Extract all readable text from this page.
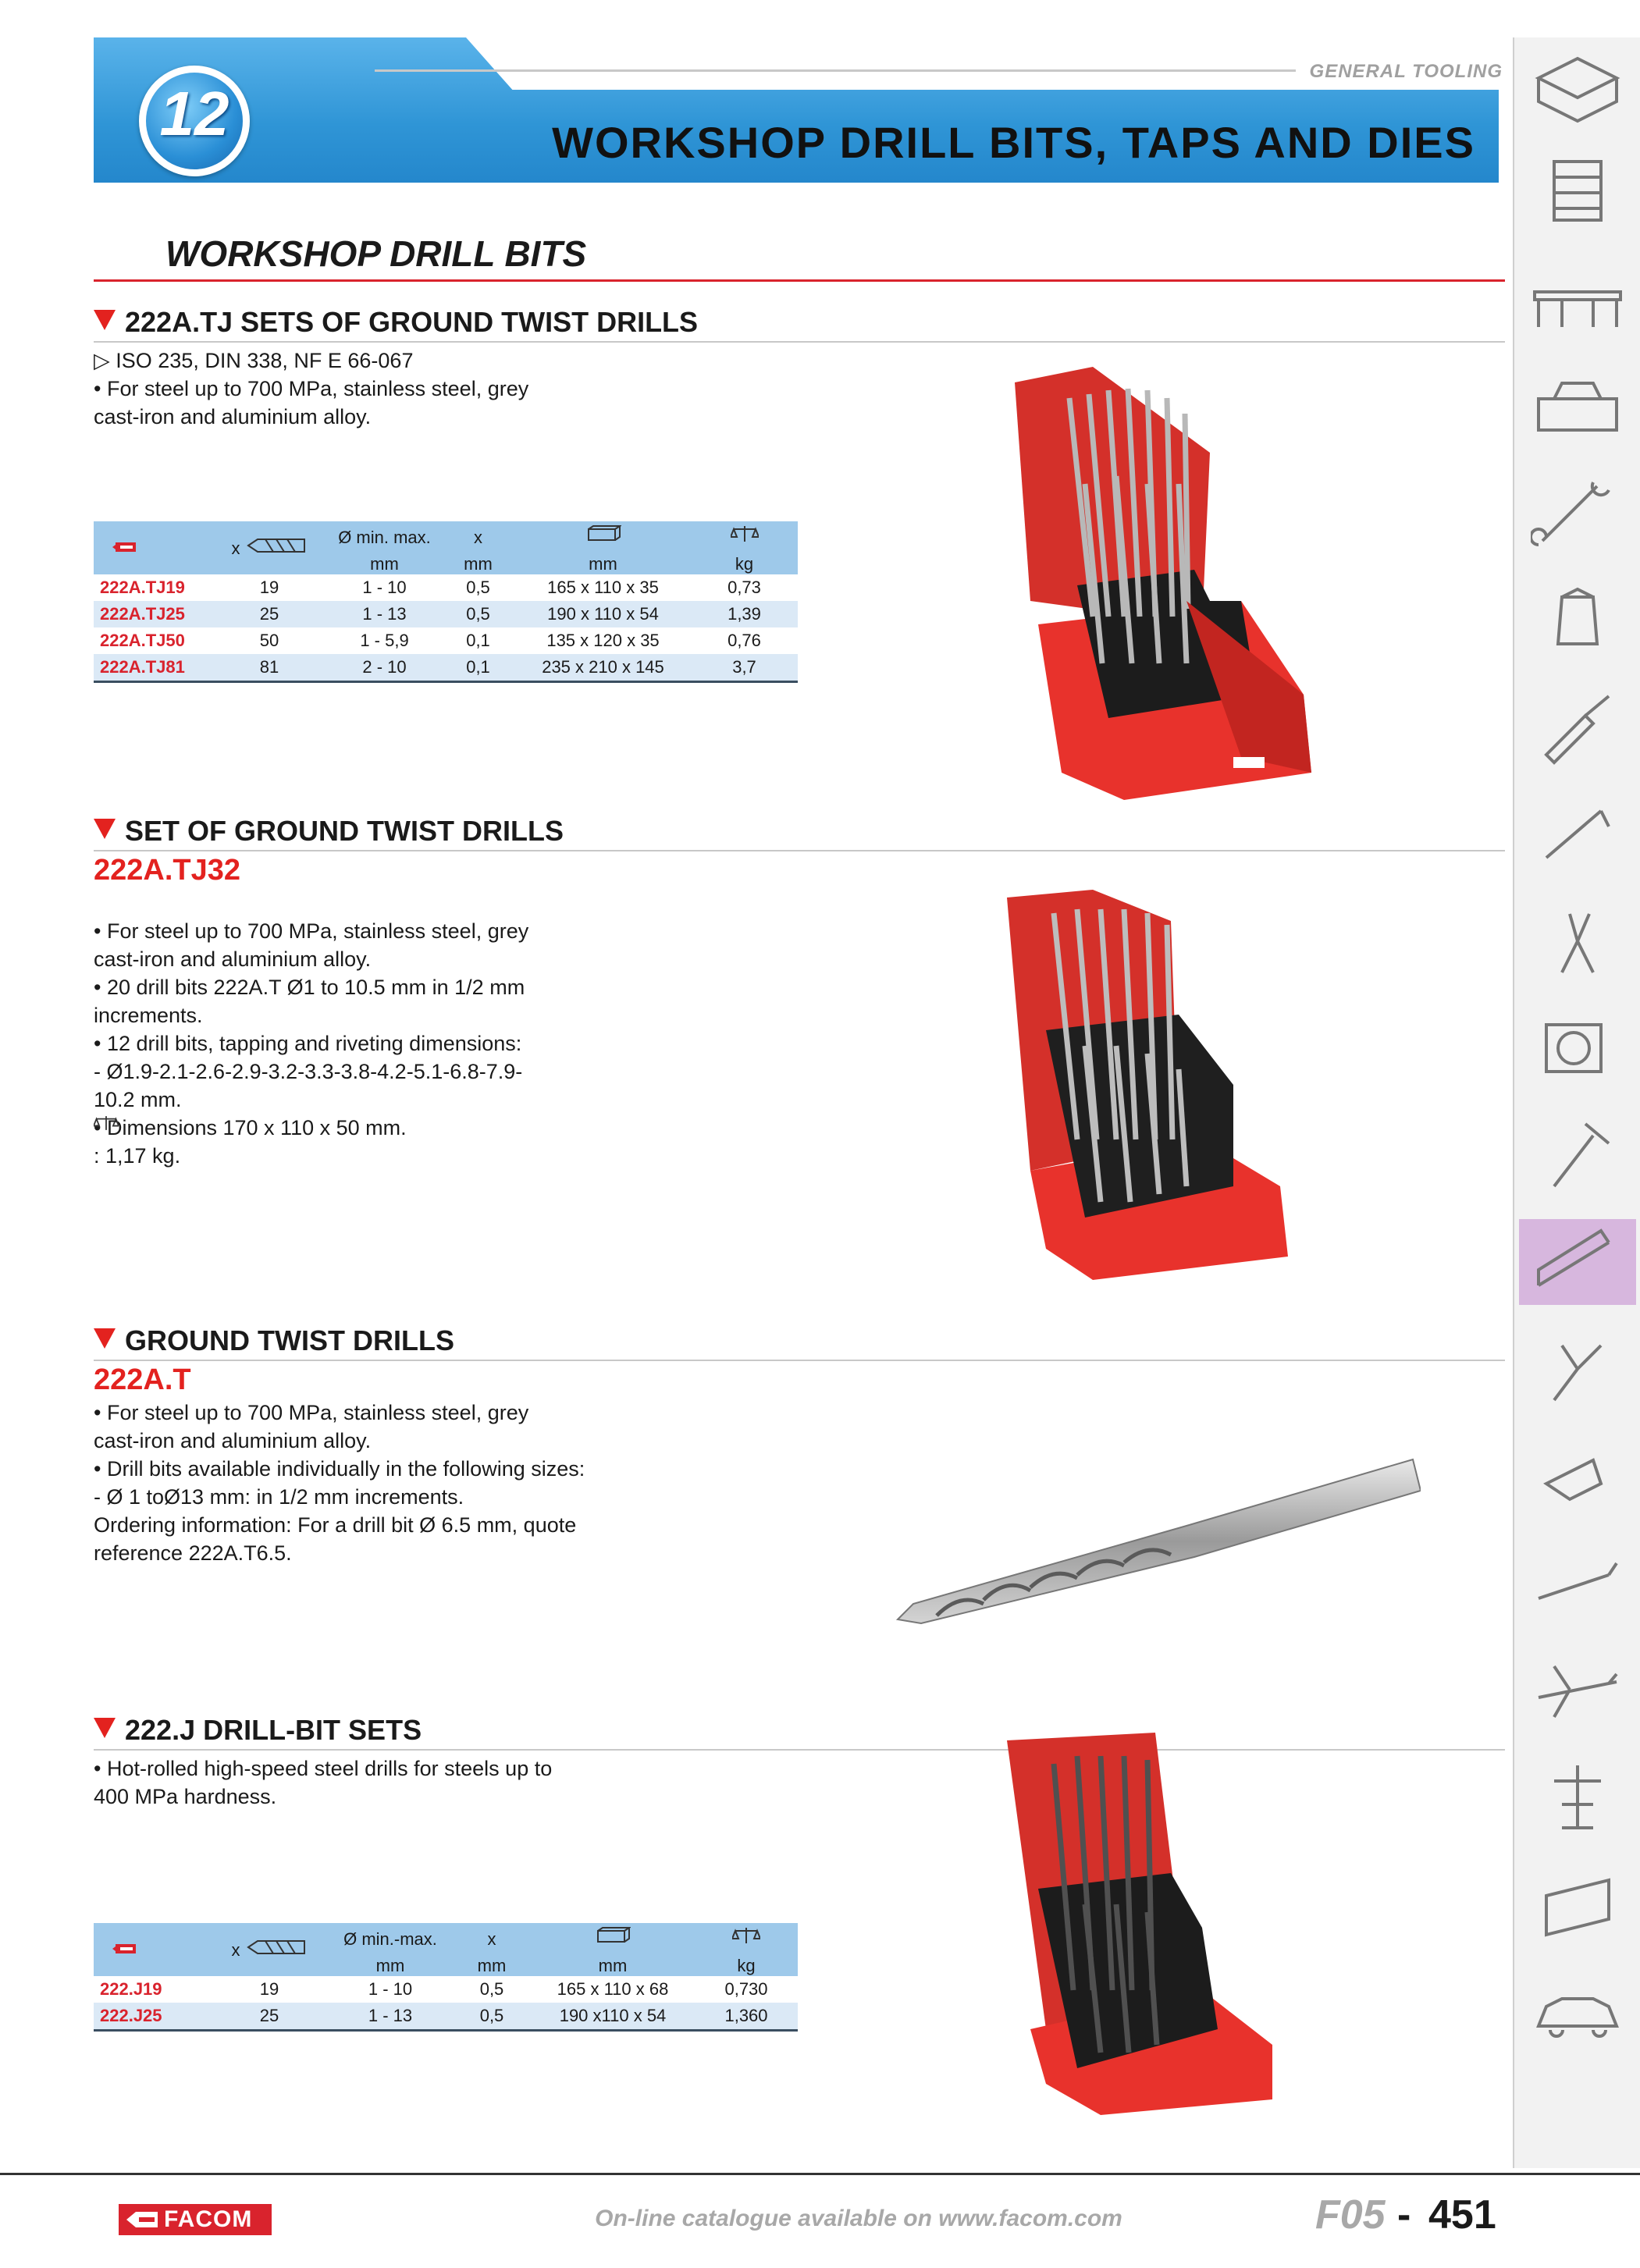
GENERAL TOOLING
12	WORKSHOP DRILL BITS, TAPS AND DIES
WORKSHOP DRILL BITS
222A.TJ SETS OF GROUND TWIST DRILLS
▷ ISO 235, DIN 338, NF E 66-067
• For steel up to 700 MPa, stainless steel, grey
cast-iron and aluminium alloy.
	x	Ø min. max.	x		
		mm	mm	mm	kg
222A.TJ19	19	1 - 10	0,5	165 x 110 x 35	0,73
222A.TJ25	25	1 - 13	0,5	190 x 110 x 54	1,39
222A.TJ50	50	1 - 5,9	0,1	135 x 120 x 35	0,76
222A.TJ81	81	2 - 10	0,1	235 x 210 x 145	3,7
SET OF GROUND TWIST DRILLS
222A.TJ32

• For steel up to 700 MPa, stainless steel, grey
cast-iron and aluminium alloy.
• 20 drill bits 222A.T Ø1 to 10.5 mm in 1/2 mm
increments.
• 12 drill bits, tapping and riveting dimensions:
- Ø1.9-2.1-2.6-2.9-3.2-3.3-3.8-4.2-5.1-6.8-7.9-
10.2 mm.
• Dimensions 170 x 110 x 50 mm.
: 1,17 kg.

GROUND TWIST DRILLS
222A.T
• For steel up to 700 MPa, stainless steel, grey
cast-iron and aluminium alloy.
• Drill bits available individually in the following sizes:
- Ø 1 toØ13 mm: in 1/2 mm increments.
Ordering information: For a drill bit Ø 6.5 mm, quote
reference 222A.T6.5.
222.J DRILL-BIT SETS
• Hot-rolled high-speed steel drills for steels up to
400 MPa hardness.
	x	Ø min.-max.	x		
		mm	mm	mm	kg
222.J19	19	1 - 10	0,5	165 x 110 x 68	0,730
222.J25	25	1 - 13	0,5	190 x110 x 54	1,360
FACOM	On-line catalogue available on www.facom.com	F05 - 451
